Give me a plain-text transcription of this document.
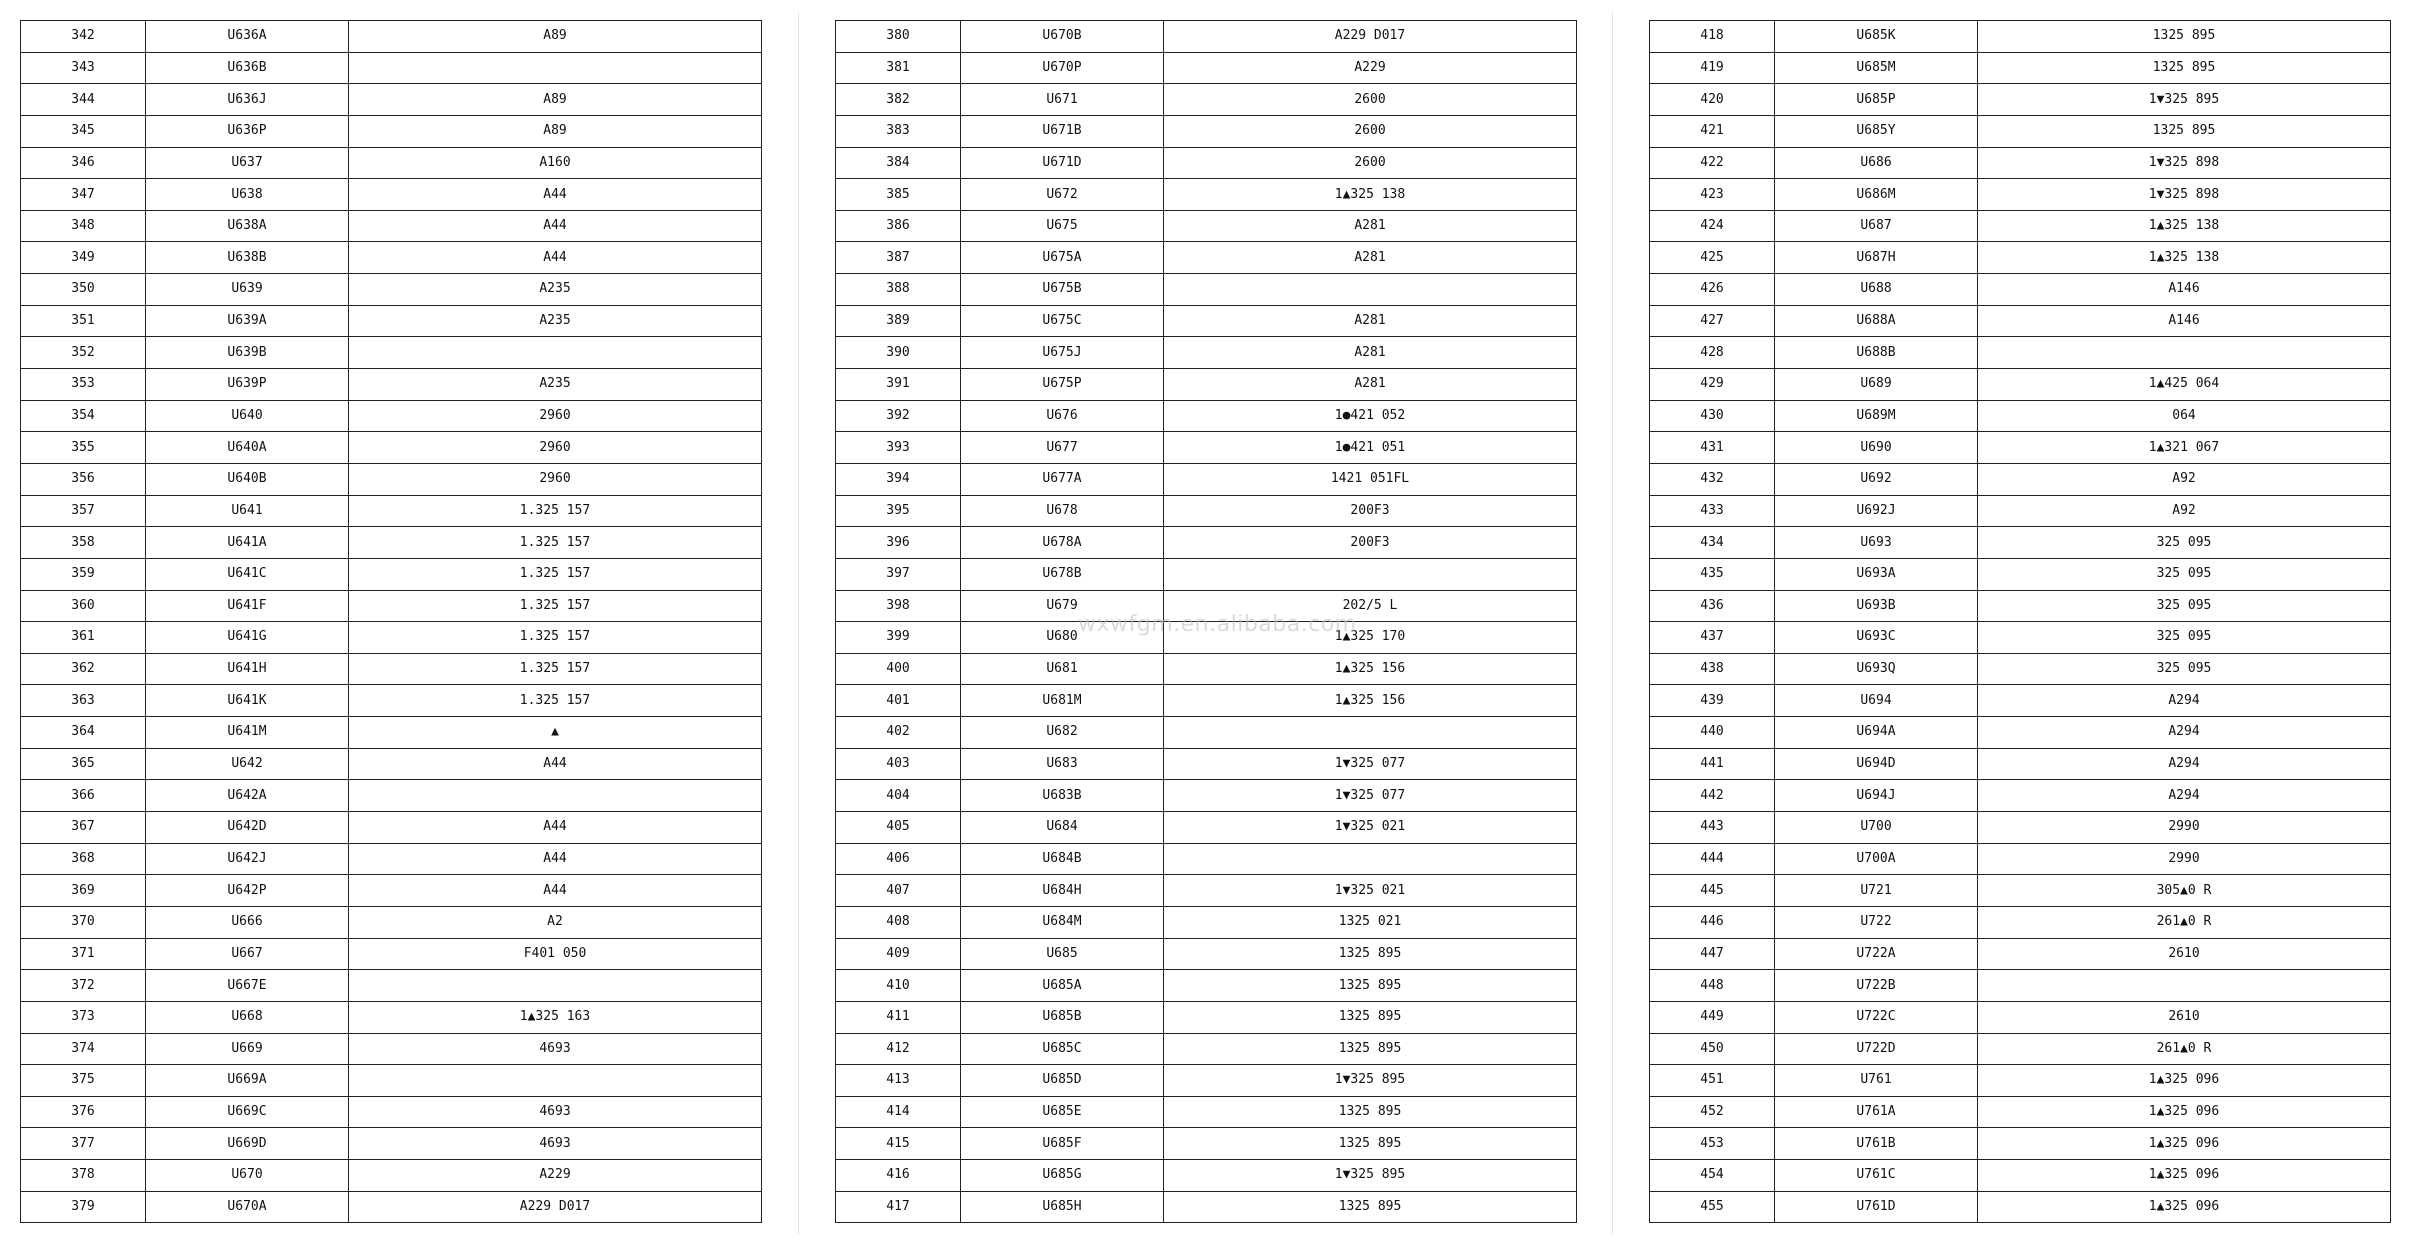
342	U636A	A89
343	U636B	
344	U636J	A89
345	U636P	A89
346	U637	A160
347	U638	A44
348	U638A	A44
349	U638B	A44
350	U639	A235
351	U639A	A235
352	U639B	
353	U639P	A235
354	U640	2960
355	U640A	2960
356	U640B	2960
357	U641	1.325 157
358	U641A	1.325 157
359	U641C	1.325 157
360	U641F	1.325 157
361	U641G	1.325 157
362	U641H	1.325 157
363	U641K	1.325 157
364	U641M	▲
365	U642	A44
366	U642A	
367	U642D	A44
368	U642J	A44
369	U642P	A44
370	U666	A2
371	U667	F401 050
372	U667E	
373	U668	1▲325 163
374	U669	4693
375	U669A	
376	U669C	4693
377	U669D	4693
378	U670	A229
379	U670A	A229 D017
380	U670B	A229 D017
381	U670P	A229
382	U671	2600
383	U671B	2600
384	U671D	2600
385	U672	1▲325 138
386	U675	A281
387	U675A	A281
388	U675B	
389	U675C	A281
390	U675J	A281
391	U675P	A281
392	U676	1●421 052
393	U677	1●421 051
394	U677A	1421 051FL
395	U678	200F3
396	U678A	200F3
397	U678B	
398	U679	202/5 L
399	U680	1▲325 170
400	U681	1▲325 156
401	U681M	1▲325 156
402	U682	
403	U683	1▼325 077
404	U683B	1▼325 077
405	U684	1▼325 021
406	U684B	
407	U684H	1▼325 021
408	U684M	1325 021
409	U685	1325 895
410	U685A	1325 895
411	U685B	1325 895
412	U685C	1325 895
413	U685D	1▼325 895
414	U685E	1325 895
415	U685F	1325 895
416	U685G	1▼325 895
417	U685H	1325 895
418	U685K	1325 895
419	U685M	1325 895
420	U685P	1▼325 895
421	U685Y	1325 895
422	U686	1▼325 898
423	U686M	1▼325 898
424	U687	1▲325 138
425	U687H	1▲325 138
426	U688	A146
427	U688A	A146
428	U688B	
429	U689	1▲425 064
430	U689M	064
431	U690	1▲321 067
432	U692	A92
433	U692J	A92
434	U693	325 095
435	U693A	325 095
436	U693B	325 095
437	U693C	325 095
438	U693Q	325 095
439	U694	A294
440	U694A	A294
441	U694D	A294
442	U694J	A294
443	U700	2990
444	U700A	2990
445	U721	305▲0 R
446	U722	261▲0 R
447	U722A	2610
448	U722B	
449	U722C	2610
450	U722D	261▲0 R
451	U761	1▲325 096
452	U761A	1▲325 096
453	U761B	1▲325 096
454	U761C	1▲325 096
455	U761D	1▲325 096
wxwfgm.en.alibaba.com
